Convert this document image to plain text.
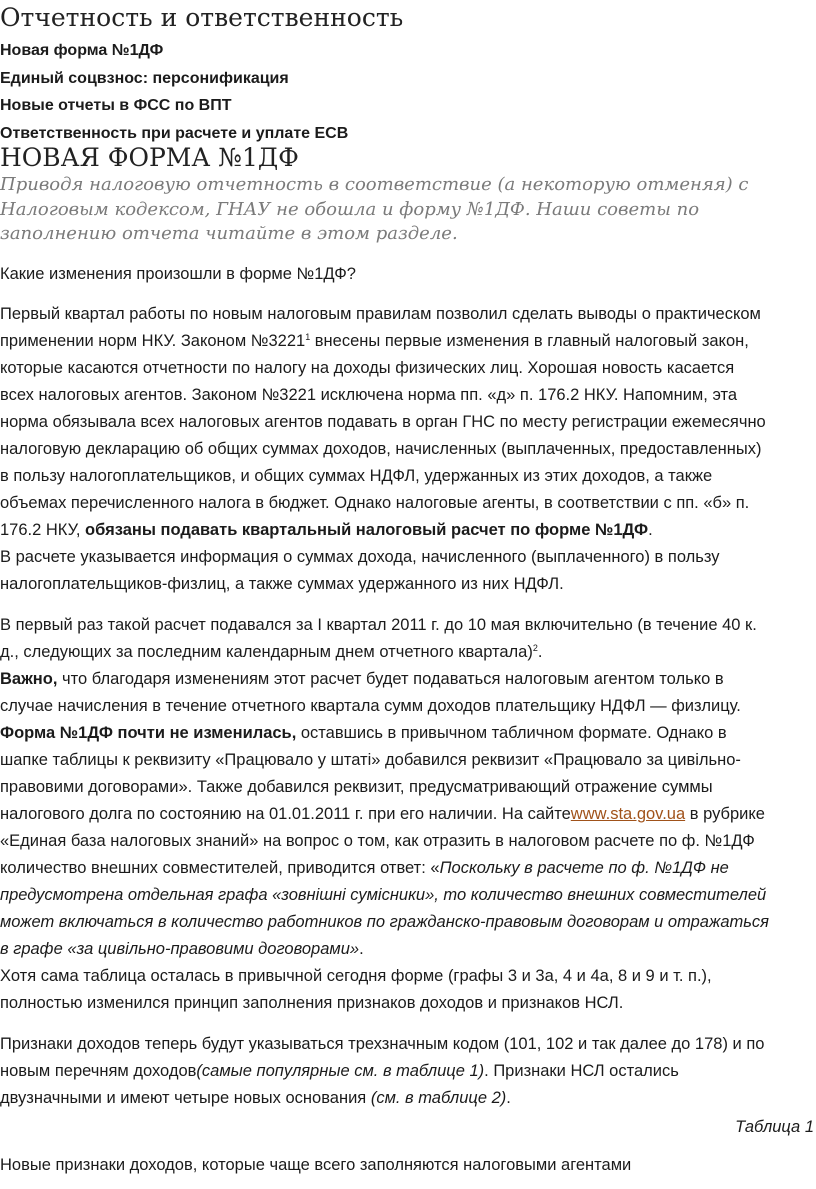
Отчетность и ответственность
Новая форма №1ДФ
Единый соцвзнос: персонификация
Новые отчеты в ФСС по ВПТ
Ответственность при расчете и уплате ЕСВ
НОВАЯ ФОРМА №1ДФ

Приводя налоговую отчетность в соответствие (а некоторую отменяя) с
Налоговым кодексом, ГНАУ не обошла и форму №1ДФ. Наши советы по
заполнению отчета читайте в этом разделе.

Какие изменения произошли в форме №1ДФ?

Первый квартал работы по новым налоговым правилам позволил сделать выводы о практическом
применении норм НКУ. Законом №3221$^1$ внесены первые изменения в главный налоговый закон,
которые касаются отчетности по налогу на доходы физических лиц. Хорошая новость касается
всех налоговых агентов. Законом №3221 исключена норма пп. «д» п. 176.2 НКУ. Напомним, эта
норма обязывала всех налоговых агентов подавать в орган ГНС по месту регистрации ежемесячно
налоговую декларацию об общих суммах доходов, начисленных (выплаченных, предоставленных)
в пользу налогоплательщиков, и общих суммах НДФЛ, удержанных из этих доходов, а также
объемах перечисленного налога в бюджет. Однако налоговые агенты, в соответствии с пп. «б» п.
176.2 НКУ, обязаны подавать квартальный налоговый расчет по форме №1ДФ.
В расчете указывается информация о суммах дохода, начисленного (выплаченного) в пользу
налогоплательщиков-физлиц, а также суммах удержанного из них НДФЛ.
В первый раз такой расчет подавался за I квартал 2011 г. до 10 мая включительно (в течение 40 к.
д., следующих за последним календарным днем отчетного квартала)$^2$.
Важно, что благодаря изменениям этот расчет будет подаваться налоговым агентом только в
случае начисления в течение отчетного квартала сумм доходов плательщику НДФЛ — физлицу.
Форма №1ДФ почти не изменилась, оставшись в привычном табличном формате. Однако в
шапке таблицы к реквизиту «Працювало у штаті» добавился реквизит «Працювало за цивільно-
правовими договорами». Также добавился реквизит, предусматривающий отражение суммы
налогового долга по состоянию на 01.01.2011 г. при его наличии. На сайтеwww.sta.gov.ua в рубрике
«Единая база налоговых знаний» на вопрос о том, как отразить в налоговом расчете по ф. №1ДФ
количество внешних совместителей, приводится ответ: «Поскольку в расчете по ф. №1ДФ не
предусмотрена отдельная графа «зовнішні сумісники», то количество внешних совместителей
может включаться в количество работников по гражданско-правовым договорам и отражаться
в графе «за цивільно-правовими договорами».
Хотя сама таблица осталась в привычной сегодня форме (графы 3 и 3а, 4 и 4а, 8 и 9 и т. п.),
полностью изменился принцип заполнения признаков доходов и признаков НСЛ.
Признаки доходов теперь будут указываться трехзначным кодом (101, 102 и так далее до 178) и по
новым перечням доходов(самые популярные см. в таблице 1). Признаки НСЛ остались
двузначными и имеют четыре новых основания (см. в таблице 2).
Таблица 1
Новые признаки доходов, которые чаще всего заполняются налоговыми агентами
